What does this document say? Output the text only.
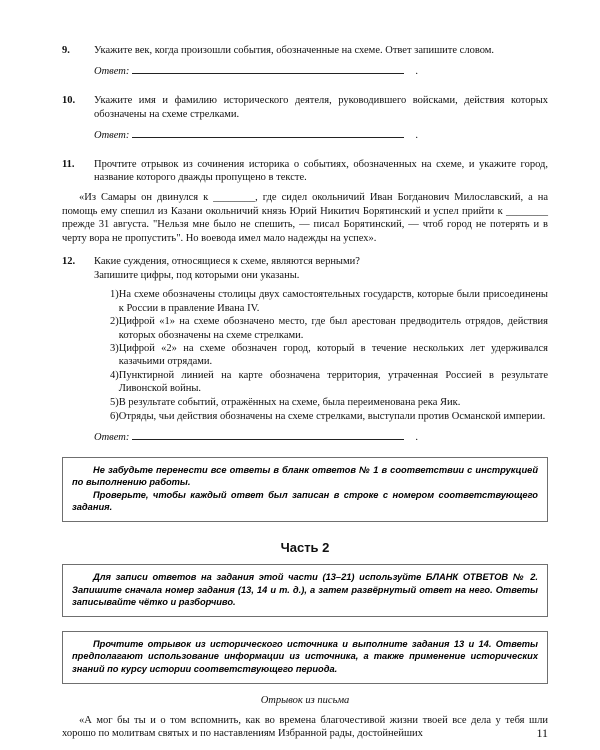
9.	Укажите век, когда произошли события, обозначенные на схеме. Ответ запишите словом.

Ответ:	.
10.	Укажите имя и фамилию исторического деятеля, руководившего войсками, действия которых обозначены на схеме стрелками.

Ответ:	.
11.	Прочтите отрывок из сочинения историка о событиях, обозначенных на схеме, и укажите город, название которого дважды пропущено в тексте.

«Из Самары он двинулся к ________, где сидел окольничий Иван Богданович Милославский, а на помощь ему спешил из Казани окольничий князь Юрий Никитич Борятинский и успел прийти к ________ прежде 31 августа. "Нельзя мне было не спешить, — писал Борятинский, — чтоб город не потерять и в черту вора не пропустить". Но воевода имел мало надежды на успех».

12.	Какие суждения, относящиеся к схеме, являются верными?

Запишите цифры, под которыми они указаны.

1) На схеме обозначены столицы двух самостоятельных государств, которые были присоединены к России в правление Ивана IV.
2) Цифрой «1» на схеме обозначено место, где был арестован предводитель отрядов, действия которых обозначены на схеме стрелками.
3) Цифрой «2» на схеме обозначен город, который в течение нескольких лет удерживался казачьими отрядами.
4) Пунктирной линией на карте обозначена территория, утраченная Россией в результате Ливонской войны.
5) В результате событий, отражённых на схеме, была переименована река Яик.
6) Отряды, чьи действия обозначены на схеме стрелками, выступали против Османской империи.
Ответ:	.

Не забудьте перенести все ответы в бланк ответов № 1 в соответствии с инструкцией по выполнению работы.

Проверьте, чтобы каждый ответ был записан в строке с номером соответствующего задания.

Часть 2

Для записи ответов на задания этой части (13–21) используйте БЛАНК ОТВЕТОВ № 2. Запишите сначала номер задания (13, 14 и т. д.), а затем развёрнутый ответ на него. Ответы записывайте чётко и разборчиво.

Прочтите отрывок из исторического источника и выполните задания 13 и 14. Ответы предполагают использование информации из источника, а также применение исторических знаний по курсу истории соответствующего периода.

Отрывок из письма

«А мог бы ты и о том вспомнить, как во времена благочестивой жизни твоей все дела у тебя шли хорошо по молитвам святых и по наставлениям Избранной рады, достойнейших	11
